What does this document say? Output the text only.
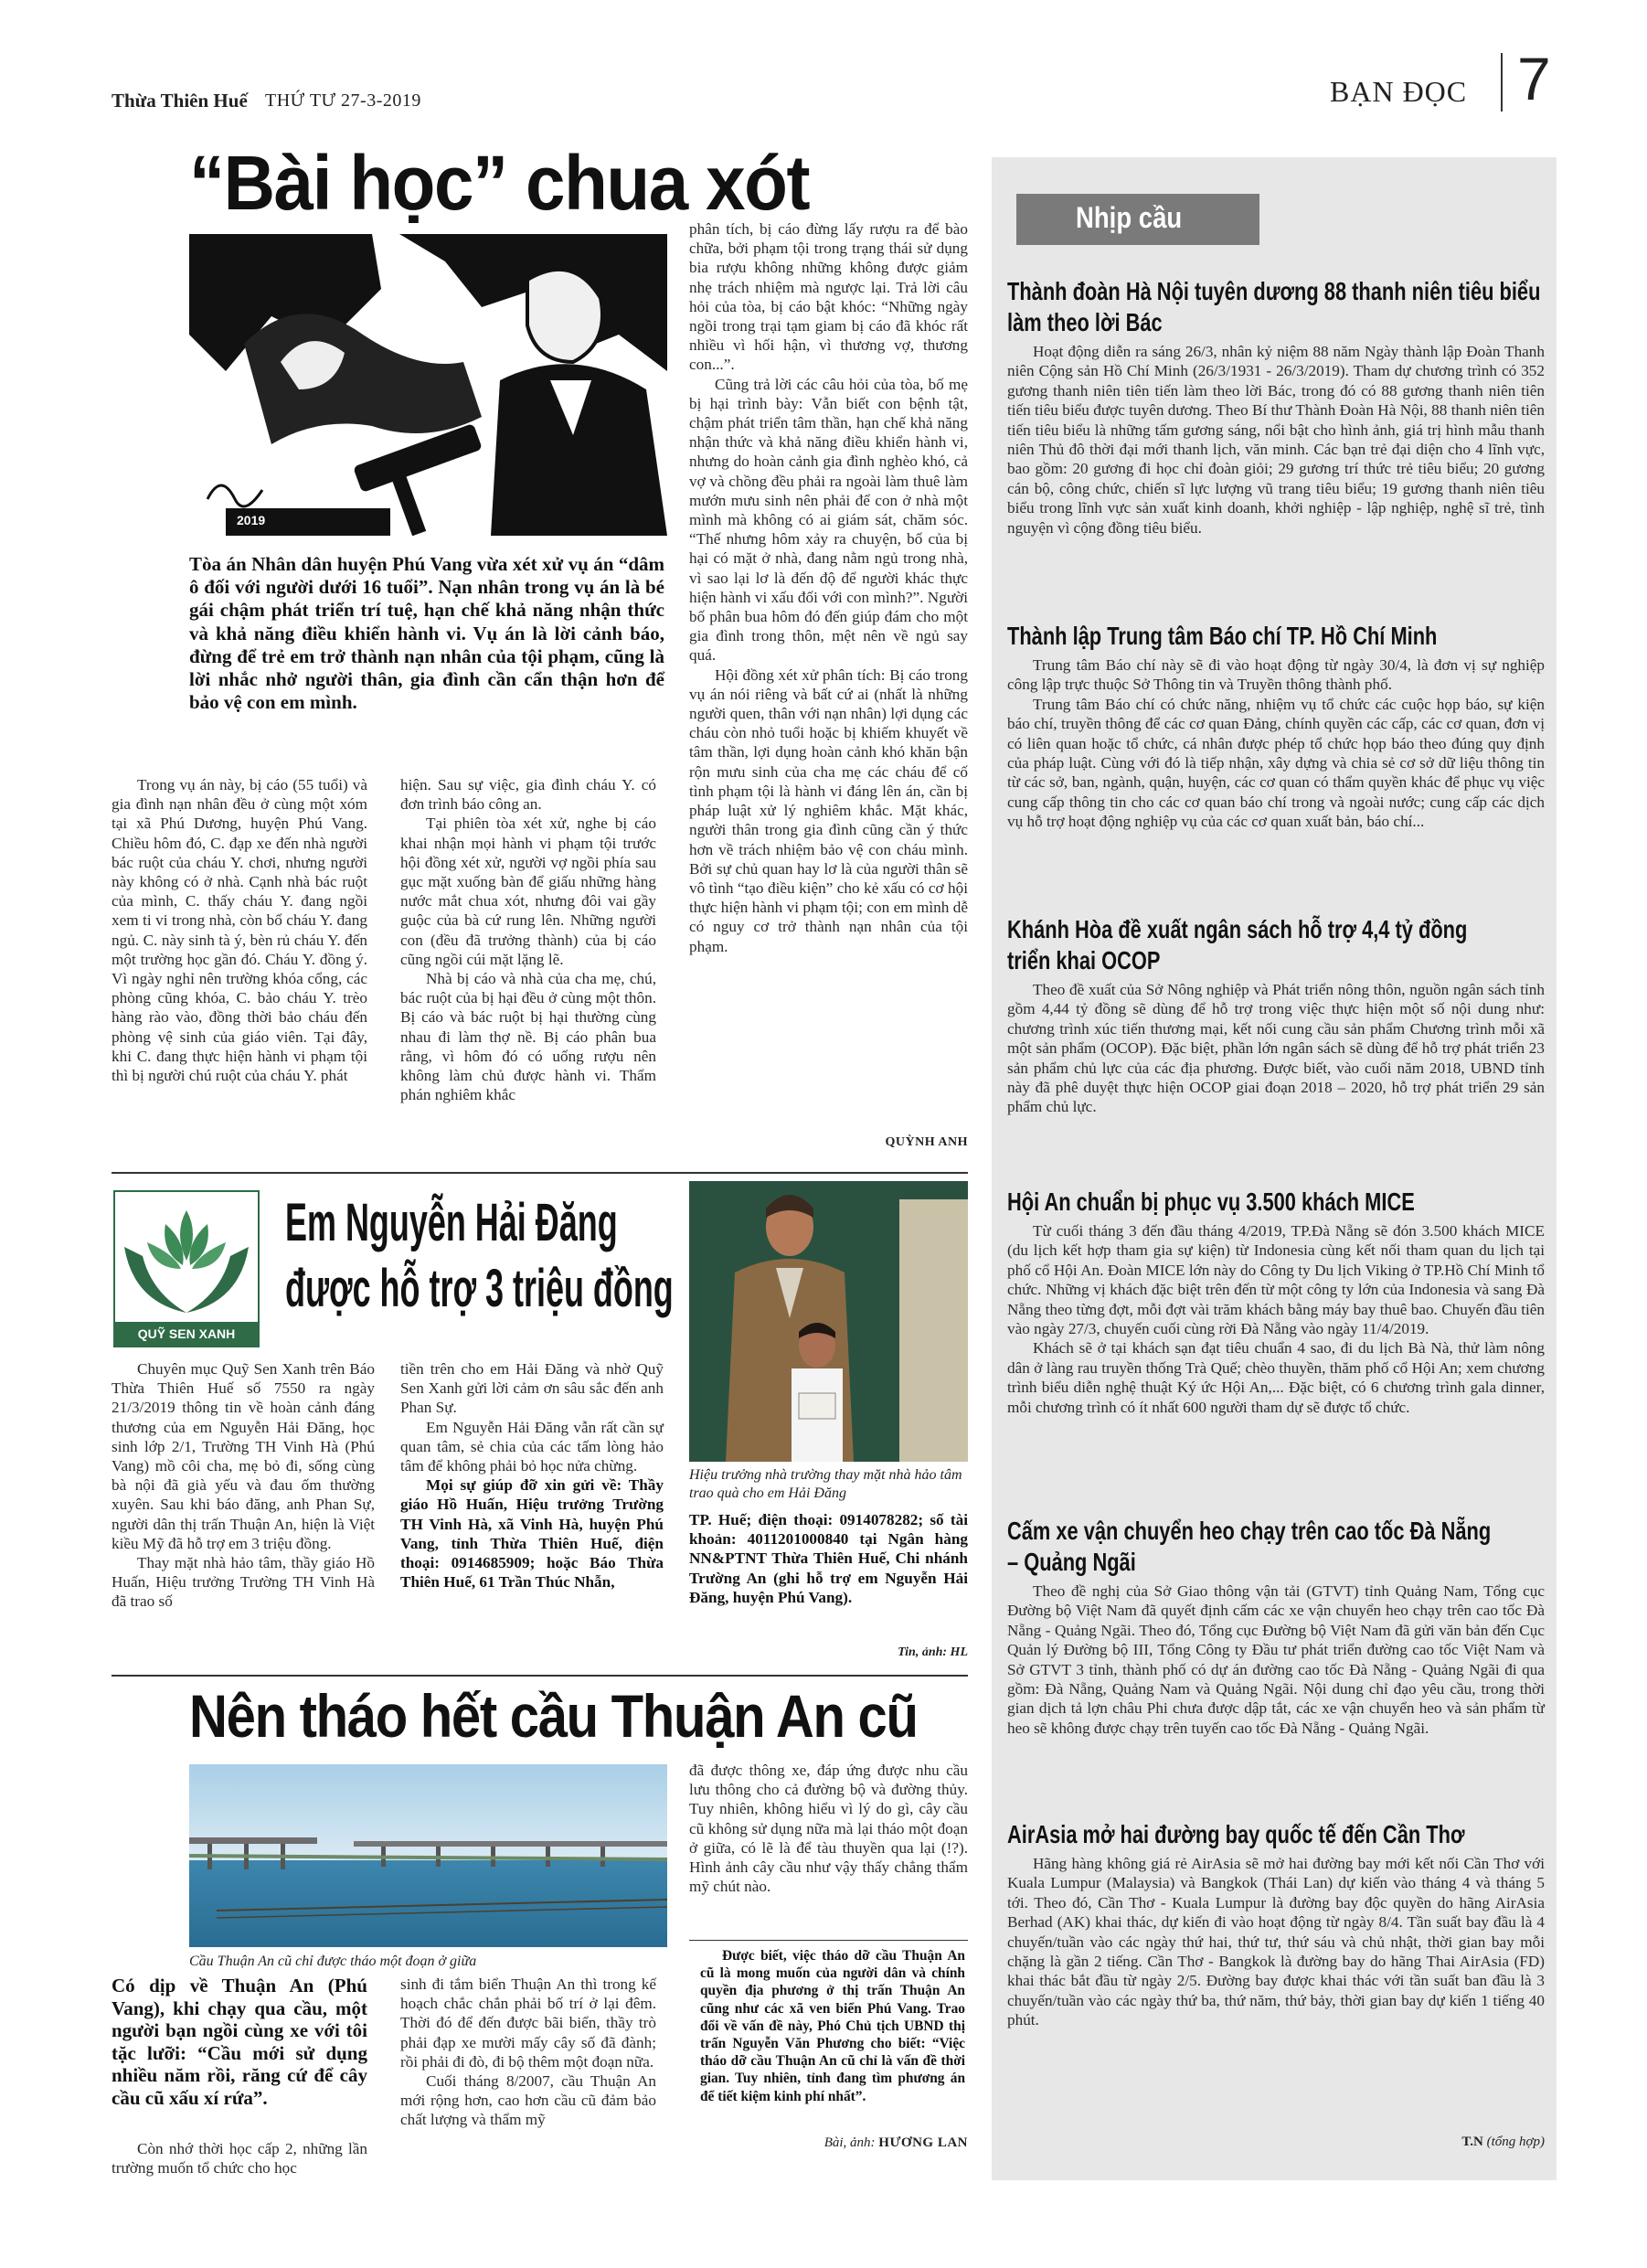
Thừa Thiên Huế THỨ TƯ 27-3-2019	BẠN ĐỌC 7
“Bài học” chua xót
2019
Tòa án Nhân dân huyện Phú Vang vừa xét xử vụ án “dâm ô đối với người dưới 16 tuổi”. Nạn nhân trong vụ án là bé gái chậm phát triển trí tuệ, hạn chế khả năng nhận thức và khả năng điều khiển hành vi. Vụ án là lời cảnh báo, đừng để trẻ em trở thành nạn nhân của tội phạm, cũng là lời nhắc nhở người thân, gia đình cần cẩn thận hơn để bảo vệ con em mình.

Trong vụ án này, bị cáo (55 tuổi) và gia đình nạn nhân đều ở cùng một xóm tại xã Phú Dương, huyện Phú Vang. Chiều hôm đó, C. đạp xe đến nhà người bác ruột của cháu Y. chơi, nhưng người này không có ở nhà. Cạnh nhà bác ruột của mình, C. thấy cháu Y. đang ngồi xem ti vi trong nhà, còn bố cháu Y. đang ngủ. C. này sinh tà ý, bèn rủ cháu Y. đến một trường học gần đó. Cháu Y. đồng ý. Vì ngày nghỉ nên trường khóa cổng, các phòng cũng khóa, C. bảo cháu Y. trèo hàng rào vào, đồng thời bảo cháu đến phòng vệ sinh của giáo viên. Tại đây, khi C. đang thực hiện hành vi phạm tội thì bị người chú ruột của cháu Y. phát

hiện. Sau sự việc, gia đình cháu Y. có đơn trình báo công an.

Tại phiên tòa xét xử, nghe bị cáo khai nhận mọi hành vi phạm tội trước hội đồng xét xử, người vợ ngồi phía sau gục mặt xuống bàn để giấu những hàng nước mắt chua xót, nhưng đôi vai gầy guộc của bà cứ rung lên. Những người con (đều đã trưởng thành) của bị cáo cũng ngồi cúi mặt lặng lẽ.

Nhà bị cáo và nhà của cha mẹ, chú, bác ruột của bị hại đều ở cùng một thôn. Bị cáo và bác ruột bị hại thường cùng nhau đi làm thợ nề. Bị cáo phân bua rằng, vì hôm đó có uống rượu nên không làm chủ được hành vi. Thẩm phán nghiêm khắc

phân tích, bị cáo đừng lấy rượu ra để bào chữa, bởi phạm tội trong trạng thái sử dụng bia rượu không những không được giảm nhẹ trách nhiệm mà ngược lại. Trả lời câu hỏi của tòa, bị cáo bật khóc: “Những ngày ngồi trong trại tạm giam bị cáo đã khóc rất nhiều vì hối hận, vì thương vợ, thương con...”.

Cũng trả lời các câu hỏi của tòa, bố mẹ bị hại trình bày: Vẫn biết con bệnh tật, chậm phát triển tâm thần, hạn chế khả năng nhận thức và khả năng điều khiển hành vi, nhưng do hoàn cảnh gia đình nghèo khó, cả vợ và chồng đều phải ra ngoài làm thuê làm mướn mưu sinh nên phải để con ở nhà một mình mà không có ai giám sát, chăm sóc. “Thế nhưng hôm xảy ra chuyện, bố của bị hại có mặt ở nhà, đang nằm ngủ trong nhà, vì sao lại lơ là đến độ để người khác thực hiện hành vi xấu đối với con mình?”. Người bố phân bua hôm đó đến giúp đám cho một gia đình trong thôn, mệt nên về ngủ say quá.

Hội đồng xét xử phân tích: Bị cáo trong vụ án nói riêng và bất cứ ai (nhất là những người quen, thân với nạn nhân) lợi dụng các cháu còn nhỏ tuổi hoặc bị khiếm khuyết về tâm thần, lợi dụng hoàn cảnh khó khăn bận rộn mưu sinh của cha mẹ các cháu để cố tình phạm tội là hành vi đáng lên án, cần bị pháp luật xử lý nghiêm khắc. Mặt khác, người thân trong gia đình cũng cần ý thức hơn về trách nhiệm bảo vệ con cháu mình. Bởi sự chủ quan hay lơ là của người thân sẽ vô tình “tạo điều kiện” cho kẻ xấu có cơ hội thực hiện hành vi phạm tội; con em mình dễ có nguy cơ trở thành nạn nhân của tội phạm.

QUỲNH ANH
QUỸ SEN XANH
Em Nguyễn Hải Đăng
được hỗ trợ 3 triệu đồng

Chuyên mục Quỹ Sen Xanh trên Báo Thừa Thiên Huế số 7550 ra ngày 21/3/2019 thông tin về hoàn cảnh đáng thương của em Nguyễn Hải Đăng, học sinh lớp 2/1, Trường TH Vinh Hà (Phú Vang) mồ côi cha, mẹ bỏ đi, sống cùng bà nội đã già yếu và đau ốm thường xuyên. Sau khi báo đăng, anh Phan Sự, người dân thị trấn Thuận An, hiện là Việt kiều Mỹ đã hỗ trợ em 3 triệu đồng.

Thay mặt nhà hảo tâm, thầy giáo Hồ Huấn, Hiệu trưởng Trường TH Vinh Hà đã trao số

tiền trên cho em Hải Đăng và nhờ Quỹ Sen Xanh gửi lời cảm ơn sâu sắc đến anh Phan Sự.

Em Nguyễn Hải Đăng vẫn rất cần sự quan tâm, sẻ chia của các tấm lòng hảo tâm để không phải bỏ học nửa chừng.

Mọi sự giúp đỡ xin gửi về: Thầy giáo Hồ Huấn, Hiệu trưởng Trường TH Vinh Hà, xã Vinh Hà, huyện Phú Vang, tỉnh Thừa Thiên Huế, điện thoại: 0914685909; hoặc Báo Thừa Thiên Huế, 61 Trần Thúc Nhẫn,

Hiệu trưởng nhà trường thay mặt nhà hảo tâm trao quà cho em Hải Đăng
TP. Huế; điện thoại: 0914078282; số tài khoản: 4011201000840 tại Ngân hàng NN&PTNT Thừa Thiên Huế, Chi nhánh Trường An (ghi hỗ trợ em Nguyễn Hải Đăng, huyện Phú Vang).
Tin, ảnh: HL
Nên tháo hết cầu Thuận An cũ
Cầu Thuận An cũ chỉ được tháo một đoạn ở giữa
Có dịp về Thuận An (Phú Vang), khi chạy qua cầu, một người bạn ngồi cùng xe với tôi tặc lưỡi: “Cầu mới sử dụng nhiều năm rồi, răng cứ để cây cầu cũ xấu xí rứa”.

Còn nhớ thời học cấp 2, những lần trường muốn tổ chức cho học

sinh đi tắm biển Thuận An thì trong kế hoạch chắc chắn phải bố trí ở lại đêm. Thời đó để đến được bãi biển, thầy trò phải đạp xe mười mấy cây số đã đành; rồi phải đi đò, đi bộ thêm một đoạn nữa.

Cuối tháng 8/2007, cầu Thuận An mới rộng hơn, cao hơn cầu cũ đảm bảo chất lượng và thẩm mỹ

đã được thông xe, đáp ứng được nhu cầu lưu thông cho cả đường bộ và đường thủy. Tuy nhiên, không hiểu vì lý do gì, cây cầu cũ không sử dụng nữa mà lại tháo một đoạn ở giữa, có lẽ là để tàu thuyền qua lại (!?). Hình ảnh cây cầu như vậy thấy chẳng thẩm mỹ chút nào.

Được biết, việc tháo dỡ cầu Thuận An cũ là mong muốn của người dân và chính quyền địa phương ở thị trấn Thuận An cũng như các xã ven biển Phú Vang. Trao đổi về vấn đề này, Phó Chủ tịch UBND thị trấn Nguyễn Văn Phương cho biết: “Việc tháo dỡ cầu Thuận An cũ chỉ là vấn đề thời gian. Tuy nhiên, tỉnh đang tìm phương án để tiết kiệm kinh phí nhất”.
Bài, ảnh: HƯƠNG LAN
Nhịp cầu
Thành đoàn Hà Nội tuyên dương 88 thanh niên tiêu biểu làm theo lời Bác
Hoạt động diễn ra sáng 26/3, nhân kỷ niệm 88 năm Ngày thành lập Đoàn Thanh niên Cộng sản Hồ Chí Minh (26/3/1931 - 26/3/2019). Tham dự chương trình có 352 gương thanh niên tiên tiến làm theo lời Bác, trong đó có 88 gương thanh niên tiên tiến tiêu biểu được tuyên dương. Theo Bí thư Thành Đoàn Hà Nội, 88 thanh niên tiên tiến tiêu biểu là những tấm gương sáng, nổi bật cho hình ảnh, giá trị hình mẫu thanh niên Thủ đô thời đại mới thanh lịch, văn minh. Các bạn trẻ đại diện cho 4 lĩnh vực, bao gồm: 20 gương đi học chỉ đoàn giỏi; 29 gương trí thức trẻ tiêu biểu; 20 gương cán bộ, công chức, chiến sĩ lực lượng vũ trang tiêu biểu; 19 gương thanh niên tiêu biểu trong lĩnh vực sản xuất kinh doanh, khởi nghiệp - lập nghiệp, nghệ sĩ trẻ, tình nguyện vì cộng đồng tiêu biểu.
Thành lập Trung tâm Báo chí TP. Hồ Chí Minh
Trung tâm Báo chí này sẽ đi vào hoạt động từ ngày 30/4, là đơn vị sự nghiệp công lập trực thuộc Sở Thông tin và Truyền thông thành phố.
Trung tâm Báo chí có chức năng, nhiệm vụ tổ chức các cuộc họp báo, sự kiện báo chí, truyền thông để các cơ quan Đảng, chính quyền các cấp, các cơ quan, đơn vị có liên quan hoặc tổ chức, cá nhân được phép tổ chức họp báo theo đúng quy định của pháp luật. Cùng với đó là tiếp nhận, xây dựng và chia sẻ cơ sở dữ liệu thông tin từ các sở, ban, ngành, quận, huyện, các cơ quan có thẩm quyền khác để phục vụ việc cung cấp thông tin cho các cơ quan báo chí trong và ngoài nước; cung cấp các dịch vụ hỗ trợ hoạt động nghiệp vụ của các cơ quan xuất bản, báo chí...
Khánh Hòa đề xuất ngân sách hỗ trợ 4,4 tỷ đồng triển khai OCOP
Theo đề xuất của Sở Nông nghiệp và Phát triển nông thôn, nguồn ngân sách tỉnh gồm 4,44 tỷ đồng sẽ dùng để hỗ trợ trong việc thực hiện một số nội dung như: chương trình xúc tiến thương mại, kết nối cung cầu sản phẩm Chương trình mỗi xã một sản phẩm (OCOP). Đặc biệt, phần lớn ngân sách sẽ dùng để hỗ trợ phát triển 23 sản phẩm chủ lực của các địa phương. Được biết, vào cuối năm 2018, UBND tỉnh này đã phê duyệt thực hiện OCOP giai đoạn 2018 – 2020, hỗ trợ phát triển 29 sản phẩm chủ lực.
Hội An chuẩn bị phục vụ 3.500 khách MICE
Từ cuối tháng 3 đến đầu tháng 4/2019, TP.Đà Nẵng sẽ đón 3.500 khách MICE (du lịch kết hợp tham gia sự kiện) từ Indonesia cùng kết nối tham quan du lịch tại phố cổ Hội An. Đoàn MICE lớn này do Công ty Du lịch Viking ở TP.Hồ Chí Minh tổ chức. Những vị khách đặc biệt trên đến từ một công ty lớn của Indonesia và sang Đà Nẵng theo từng đợt, mỗi đợt vài trăm khách bằng máy bay thuê bao. Chuyến đầu tiên vào ngày 27/3, chuyến cuối cùng rời Đà Nẵng vào ngày 11/4/2019.
Khách sẽ ở tại khách sạn đạt tiêu chuẩn 4 sao, đi du lịch Bà Nà, thử làm nông dân ở làng rau truyền thống Trà Quế; chèo thuyền, thăm phố cổ Hội An; xem chương trình biểu diễn nghệ thuật Ký ức Hội An,... Đặc biệt, có 6 chương trình gala dinner, mỗi chương trình có ít nhất 600 người tham dự sẽ được tổ chức.
Cấm xe vận chuyển heo chạy trên cao tốc Đà Nẵng – Quảng Ngãi
Theo đề nghị của Sở Giao thông vận tải (GTVT) tỉnh Quảng Nam, Tổng cục Đường bộ Việt Nam đã quyết định cấm các xe vận chuyển heo chạy trên cao tốc Đà Nẵng - Quảng Ngãi. Theo đó, Tổng cục Đường bộ Việt Nam đã gửi văn bản đến Cục Quản lý Đường bộ III, Tổng Công ty Đầu tư phát triển đường cao tốc Việt Nam và Sở GTVT 3 tỉnh, thành phố có dự án đường cao tốc Đà Nẵng - Quảng Ngãi đi qua gồm: Đà Nẵng, Quảng Nam và Quảng Ngãi. Nội dung chỉ đạo yêu cầu, trong thời gian dịch tả lợn châu Phi chưa được dập tắt, các xe vận chuyển heo và sản phẩm từ heo sẽ không được chạy trên tuyến cao tốc Đà Nẵng - Quảng Ngãi.
AirAsia mở hai đường bay quốc tế đến Cần Thơ
Hãng hàng không giá rẻ AirAsia sẽ mở hai đường bay mới kết nối Cần Thơ với Kuala Lumpur (Malaysia) và Bangkok (Thái Lan) dự kiến vào tháng 4 và tháng 5 tới. Theo đó, Cần Thơ - Kuala Lumpur là đường bay độc quyền do hãng AirAsia Berhad (AK) khai thác, dự kiến đi vào hoạt động từ ngày 8/4. Tần suất bay đầu là 4 chuyến/tuần vào các ngày thứ hai, thứ tư, thứ sáu và chủ nhật, thời gian bay mỗi chặng là gần 2 tiếng. Cần Thơ - Bangkok là đường bay do hãng Thai AirAsia (FD) khai thác bắt đầu từ ngày 2/5. Đường bay được khai thác với tần suất ban đầu là 3 chuyến/tuần vào các ngày thứ ba, thứ năm, thứ bảy, thời gian bay dự kiến 1 tiếng 40 phút.
T.N (tổng hợp)
